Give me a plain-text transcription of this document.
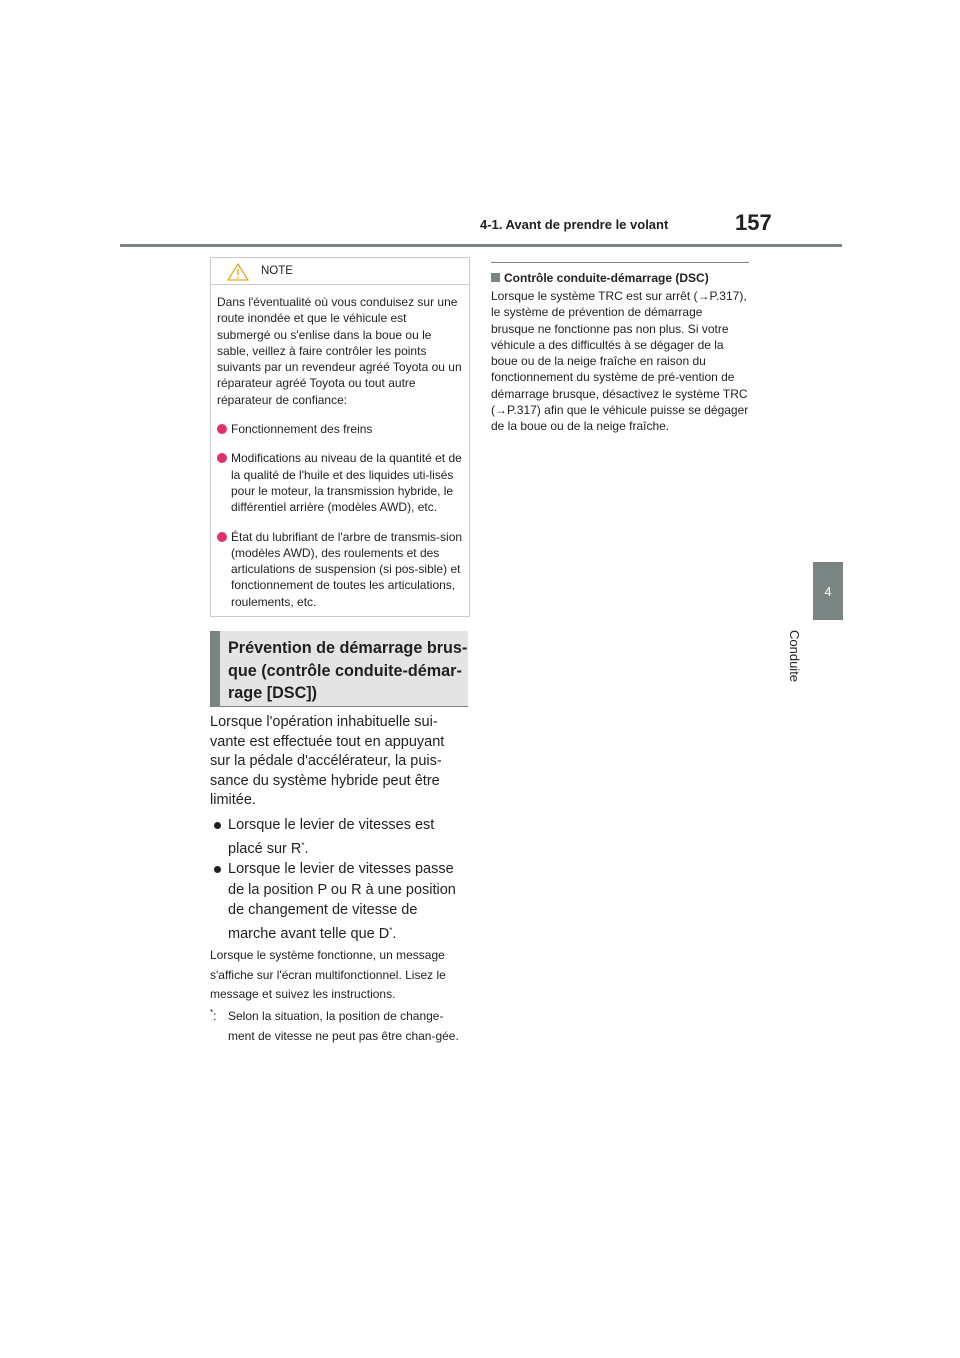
4-1. Avant de prendre le volant	157
4
Conduite
NOTE
Dans l'éventualité où vous conduisez sur une route inondée et que le véhicule est submergé ou s'enlise dans la boue ou le sable, veillez à faire contrôler les points suivants par un revendeur agréé Toyota ou un réparateur agréé Toyota ou tout autre réparateur de confiance:
Fonctionnement des freins
Modifications au niveau de la quantité et de la qualité de l'huile et des liquides uti-lisés pour le moteur, la transmission hybride, le différentiel arrière (modèles AWD), etc.
État du lubrifiant de l'arbre de transmis-sion (modèles AWD), des roulements et des articulations de suspension (si pos-sible) et fonctionnement de toutes les articulations, roulements, etc.
Prévention de démarrage brus-que (contrôle conduite-démar-rage [DSC])
Lorsque l'opération inhabituelle sui-vante est effectuée tout en appuyant sur la pédale d'accélérateur, la puis-sance du système hybride peut être limitée.
Lorsque le levier de vitesses est
placé sur R*.
Lorsque le levier de vitesses passe de la position P ou R à une position de changement de vitesse de
marche avant telle que D*.
Lorsque le système fonctionne, un message s'affiche sur l'écran multifonctionnel. Lisez le message et suivez les instructions.
*: Selon la situation, la position de change-ment de vitesse ne peut pas être chan-gée.
Contrôle conduite-démarrage (DSC)
Lorsque le système TRC est sur arrêt (→P.317), le système de prévention de démarrage brusque ne fonctionne pas non plus. Si votre véhicule a des difficultés à se dégager de la boue ou de la neige fraîche en raison du fonctionnement du système de pré-vention de démarrage brusque, désactivez le système TRC (→P.317) afin que le véhicule puisse se dégager de la boue ou de la neige fraîche.
